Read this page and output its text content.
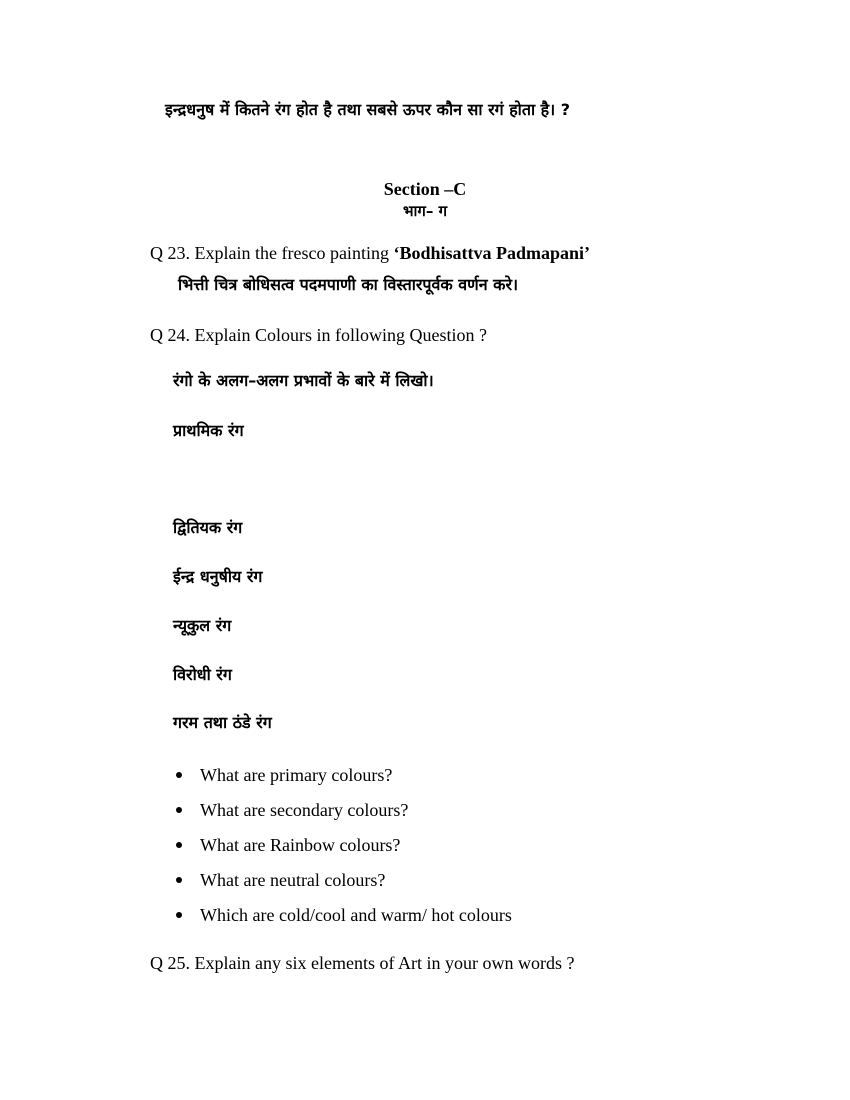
इन्द्रधनुष में कितने रंग होत है तथा सबसे ऊपर कौन सा रगं होता है। ?
Section –C
भाग– ग
Q 23. Explain the fresco painting ‘Bodhisattva Padmapani’
भित्ती चित्र बोधिसत्व पदमपाणी का विस्तारपूर्वक वर्णन करे।
Q 24. Explain Colours in following Question ?
रंगो के अलग–अलग प्रभावों के बारे में लिखो।
प्राथमिक रंग
द्वितियक रंग
ईन्द्र धनुषीय रंग
न्यूकुल रंग
विरोधी रंग
गरम तथा ठंडे रंग
What are primary colours?
What are secondary colours?
What are Rainbow colours?
What are neutral colours?
Which are cold/cool and warm/ hot colours
Q 25. Explain any six elements of Art in your own words ?
